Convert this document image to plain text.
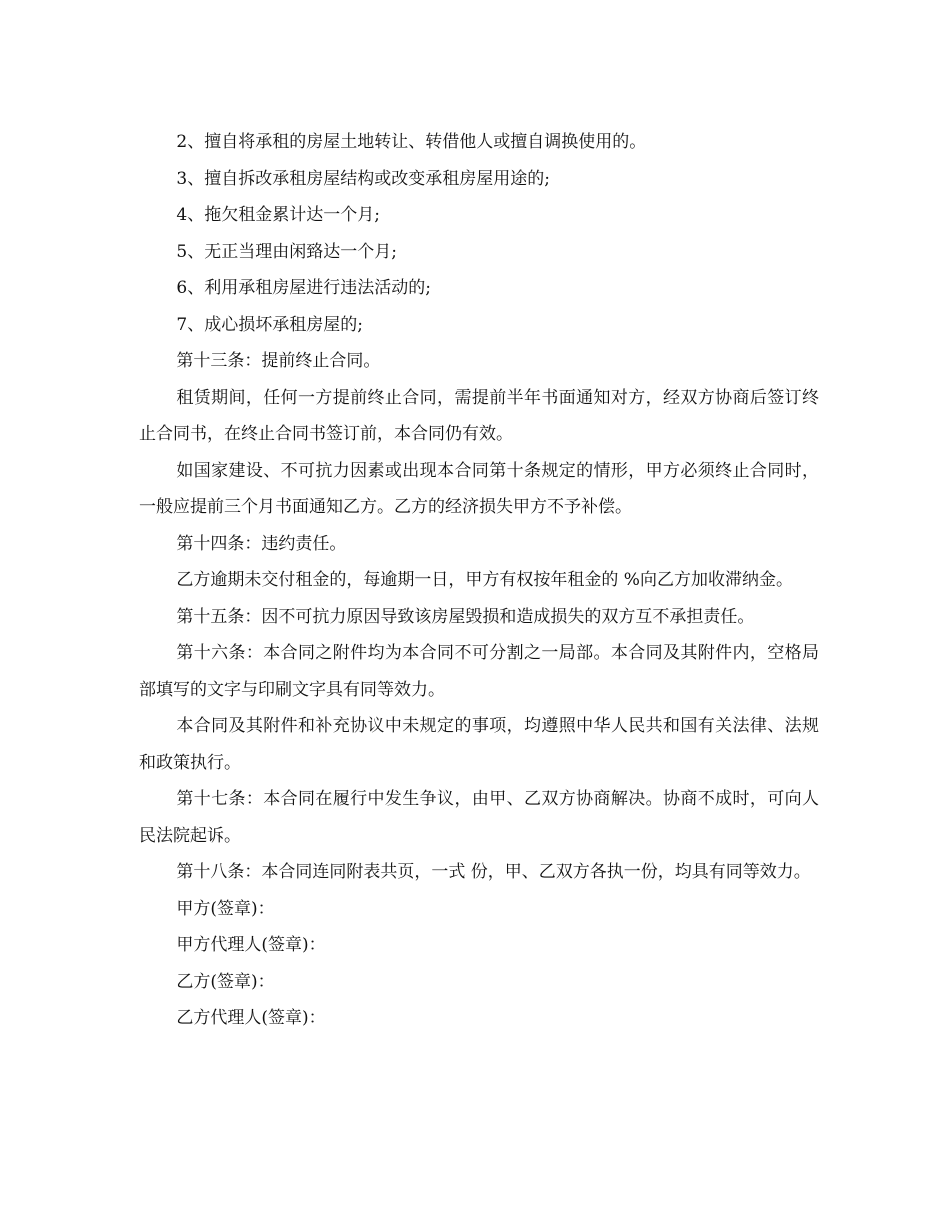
2、擅自将承租的房屋土地转让、转借他人或擅自调换使用的。

3、擅自拆改承租房屋结构或改变承租房屋用途的;

4、拖欠租金累计达一个月;

5、无正当理由闲臵达一个月;

6、利用承租房屋进行违法活动的;

7、成心损坏承租房屋的;

第十三条：提前终止合同。

租赁期间，任何一方提前终止合同，需提前半年书面通知对方，经双方协商后签订终止合同书，在终止合同书签订前，本合同仍有效。

如国家建设、不可抗力因素或出现本合同第十条规定的情形，甲方必须终止合同时，一般应提前三个月书面通知乙方。乙方的经济损失甲方不予补偿。

第十四条：违约责任。

乙方逾期未交付租金的，每逾期一日，甲方有权按年租金的 %向乙方加收滞纳金。

第十五条：因不可抗力原因导致该房屋毁损和造成损失的双方互不承担责任。

第十六条：本合同之附件均为本合同不可分割之一局部。本合同及其附件内，空格局部填写的文字与印刷文字具有同等效力。

本合同及其附件和补充协议中未规定的事项，均遵照中华人民共和国有关法律、法规和政策执行。

第十七条：本合同在履行中发生争议，由甲、乙双方协商解决。协商不成时，可向人民法院起诉。

第十八条：本合同连同附表共页，一式 份，甲、乙双方各执一份，均具有同等效力。

甲方(签章)：

甲方代理人(签章)：

乙方(签章)：

乙方代理人(签章)：
